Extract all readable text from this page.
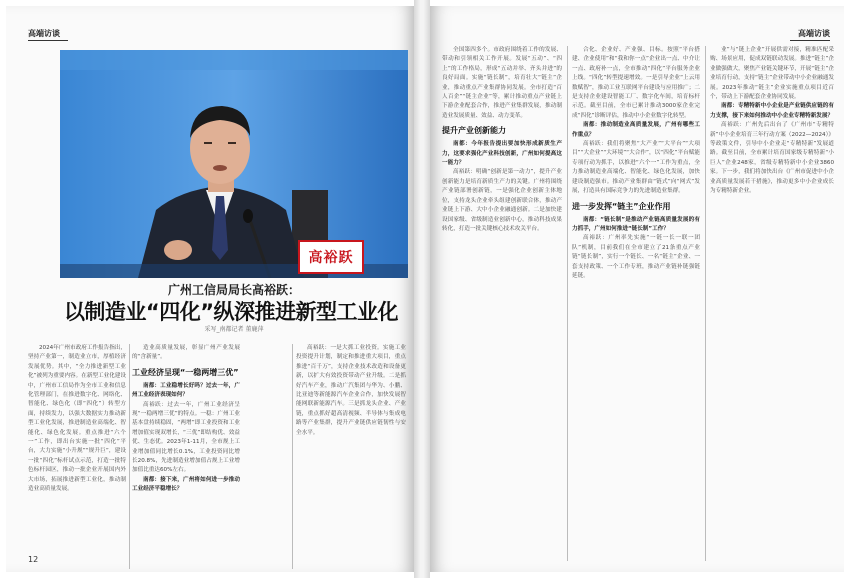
高端访谈
高裕跃
广州工信局局长高裕跃：
以制造业“四化”纵深推进新型工业化
采写_南都记者 董鹿萍

2024年广州市政府工作报告指出，坚持产业第一，制造业立市，厚植经济发展优势。其中，“全力推进新型工业化”被列为重要内容。在新型工业化建设中，广州市工信局作为全市工业和信息化管理部门，在推进数字化、网络化、智能化、绿色化（即“四化”）转型方面，持续发力，以强大数据实力推动新型工业化发展，推进制造业高端化、智能化、绿色化发展。重点推进“六个一”工作，即出台实施一批“四化”平台，大力实施“小升规”“规升巨”，建设一批“四化”标杆试点示范，打造一批特色标杆园区，推动一批企业开展国内外大市场，拓展推进新型工业化，推动制造业高质量发展。

造业高质量发展，彰显广州产业发展的“含新量”。

工业经济呈现“一稳两增三优”

南都：工业稳增长好吗？过去一年，广州工业经济表现如何？

高裕跃：过去一年，广州工业经济呈现“一稳两增三优”的特点。一稳：广州工业基本盘持续稳固，“两增”即工业投资和工业增加值实现双增长，“三优”即结构优、效益优、生态优。2023年1-11月，全市规上工业增加值同比增长0.1%，工业投资同比增长20.8%，先进制造业增加值占规上工业增加值比重达60%左右。

南都：接下来，广州将如何进一步推动工业经济平稳增长？

高裕跃：一是大抓工业投资。实施工业投资提升计划，制定和推进重大项目，重点推进“百千万”，支持企业技术改造和设备更新，以扩大有效投资带动产业升级。二是抓好汽车产业，推动广汽集团与华为、小鹏、比亚迪等新能源汽车企业合作，加快发展智能网联新能源汽车。三是抓龙头企业、产业链，重点抓好超高清视频、半导体与集成电路等产业集群，提升产业链供应链韧性与安全水平。

12
高端访谈

全国第四多个。市政府围绕着工作的发展、带动和引领相关工作开展。发展“五动”、“四上”的工作格局，形成“五动并举、齐头并进”的良好局面。实施“链长制”，培育壮大“链主”企业，推动重点产业集群协同发展。全市打造“百人百企”“链主企业”等，累计推动重点产业链上下游企业配套合作，推进产业集群发展，推动制造业发展质量、效益、动力变革。

提升产业创新能力

南都：今年报告提出要加快形成新质生产力，这要求强化产业科技创新，广州如何提高这一能力？

高裕跃：明确“创新是第一动力”，提升产业创新能力是培育新质生产力的关键。广州将围绕产业链部署创新链，一是强化企业创新主体地位，支持龙头企业牵头组建创新联合体，推动产业链上下游、大中小企业融通创新。二是加快建设国家级、省级制造业创新中心，推动科技成果转化，打造一批关键核心技术攻关平台。

合化、企业好、产业强、目标。按照“平台搭建、企业使用”和“我和你一点”企业出一点、中介让一点、政府补一点，全市推动“四化”平台服务企业上线。“四化”转型提速增效。一是引导企业“上云用数赋智”，推动工业互联网平台建设与应用推广；二是支持企业建设智能工厂、数字化车间，培育标杆示范。截至目前，全市已累计推动3000家企业完成“四化”诊断评估，推动中小企业数字化转型。

南都：推动制造业高质量发展，广州有哪些工作重点？

高裕跃：我们将聚焦“大产业”“大平台”“大项目”“大企业”“大环境”“大合作”，以“四化”平台赋能专项行动为抓手，以推进“六个一”工作为重点，全力推动制造业高端化、智能化、绿色化发展，加快建设制造强市。推动产业集群由“链式”向“网式”发展，打造具有国际竞争力的先进制造业集群。

进一步发挥“链主”企业作用

南都：“链长制”是推动产业链高质量发展的有力抓手，广州如何推进“链长制”工作？

高裕跃：广州率先实施“一链一长一联一团队”机制，目前我们在全市建立了21条重点产业链“链长制”，实行一个链长、一名“链主”企业、一套支持政策、一个工作专班，推动产业链补链强链延链。

业”与“链上企业”开展供需对接，精准匹配采购、场景应用，促成双链联动发展。推进“链主”企业做强做大，聚焦产业链关键环节，开展“链主”企业培育行动，支持“链主”企业带动中小企业融通发展。2023年推动“链主”企业实施重点项目近百个，带动上下游配套企业协同发展。

南都：专精特新中小企业是产业链供应链的有力支撑，接下来如何推动中小企业专精特新发展？

高裕跃：广州先后出台了《广州市“专精特新”中小企业培育三年行动方案（2022—2024）》等政策文件，引导中小企业走“专精特新”发展道路。截至目前，全市累计培育国家级专精特新“小巨人”企业248家，省级专精特新中小企业3860家。下一步，我们将加快出台《广州市促进中小企业高质量发展若干措施》，推动更多中小企业成长为专精特新企业。
